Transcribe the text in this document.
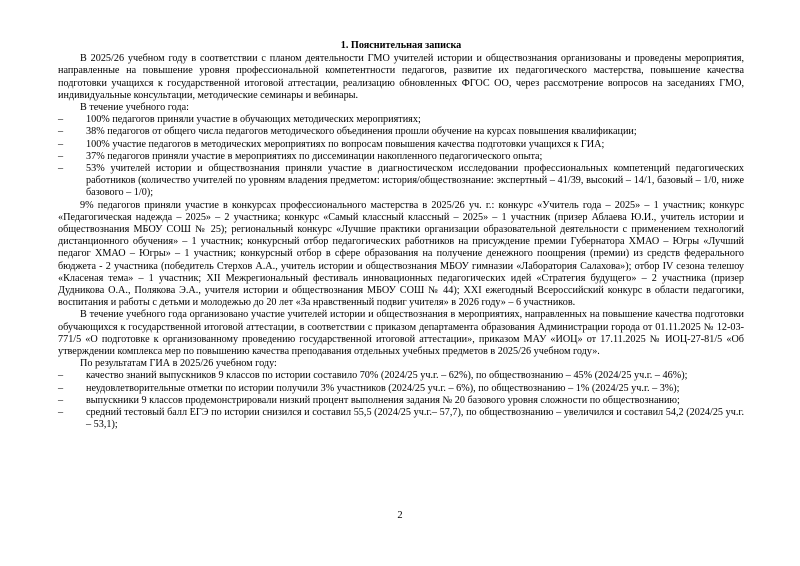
1. Пояснительная записка

В 2025/26 учебном году в соответствии с планом деятельности ГМО учителей истории и обществознания организованы и проведены мероприятия, направленные на повышение уровня профессиональной компетентности педагогов, развитие их педагогического мастерства, повышение качества подготовки учащихся к государственной итоговой аттестации, реализацию обновленных ФГОС ОО, через рассмотрение вопросов на заседаниях ГМО, индивидуальные консультации, методические семинары и вебинары.

В течение учебного года:

–	100% педагогов приняли участие в обучающих методических мероприятиях;
–	38% педагогов от общего числа педагогов методического объединения прошли обучение на курсах повышения квалификации;
–	100% участие педагогов в методических мероприятиях по вопросам повышения качества подготовки учащихся к ГИА;
–	37% педагогов приняли участие в мероприятиях по диссеминации накопленного педагогического опыта;
–	53% учителей истории и обществознания приняли участие в диагностическом исследовании профессиональных компетенций педагогических работников (количество учителей по уровням владения предметом: история/обществознание: экспертный – 41/39, высокий – 14/1, базовый – 1/0, ниже базового – 1/0);

9% педагогов приняли участие в конкурсах профессионального мастерства в 2025/26 уч. г.: конкурс «Учитель года – 2025» – 1 участник; конкурс «Педагогическая надежда – 2025» – 2 участника; конкурс «Самый классный классный – 2025» – 1 участник (призер Аблаева Ю.И., учитель истории и обществознания МБОУ СОШ № 25); региональный конкурс «Лучшие практики организации образовательной деятельности с применением технологий дистанционного обучения» – 1 участник; конкурсный отбор педагогических работников на присуждение премии Губернатора ХМАО – Югры «Лучший педагог ХМАО – Югры» – 1 участник; конкурсный отбор в сфере образования на получение денежного поощрения (премии) из средств федерального бюджета - 2 участника (победитель Стерхов А.А., учитель истории и обществознания МБОУ гимназии «Лаборатория Салахова»); отбор IV сезона телешоу «Класеная тема» – 1 участник; XII Межрегиональный фестиваль инновационных педагогических идей «Стратегия будущего» – 2 участника (призер Дудникова О.А., Полякова Э.А., учителя истории и обществознания МБОУ СОШ № 44); XXI ежегодный Всероссийский конкурс в области педагогики, воспитания и работы с детьми и молодежью до 20 лет «За нравственный подвиг учителя» в 2026 году» – 6 участников.

В течение учебного года организовано участие учителей истории и обществознания в мероприятиях, направленных на повышение качества подготовки обучающихся к государственной итоговой аттестации, в соответствии с приказом департамента образования Администрации города от 01.11.2025 № 12-03-771/5 «О подготовке к организованному проведению государственной итоговой аттестации», приказом МАУ «ИОЦ» от 17.11.2025 № ИОЦ-27-81/5 «Об утверждении комплекса мер по повышению качества преподавания отдельных учебных предметов в 2025/26 учебном году».

По результатам ГИА в 2025/26 учебном году:

–	качество знаний выпускников 9 классов по истории составило 70% (2024/25 уч.г. – 62%), по обществознанию – 45% (2024/25 уч.г. – 46%);
–	неудовлетворительные отметки по истории получили 3% участников (2024/25 уч.г. – 6%), по обществознанию – 1% (2024/25 уч.г. – 3%);
–	выпускники 9 классов продемонстрировали низкий процент выполнения задания № 20 базового уровня сложности по обществознанию;
–	средний тестовый балл ЕГЭ по истории снизился и составил 55,5 (2024/25 уч.г.– 57,7), по обществознанию – увеличился и составил 54,2 (2024/25 уч.г. – 53,1);
2
